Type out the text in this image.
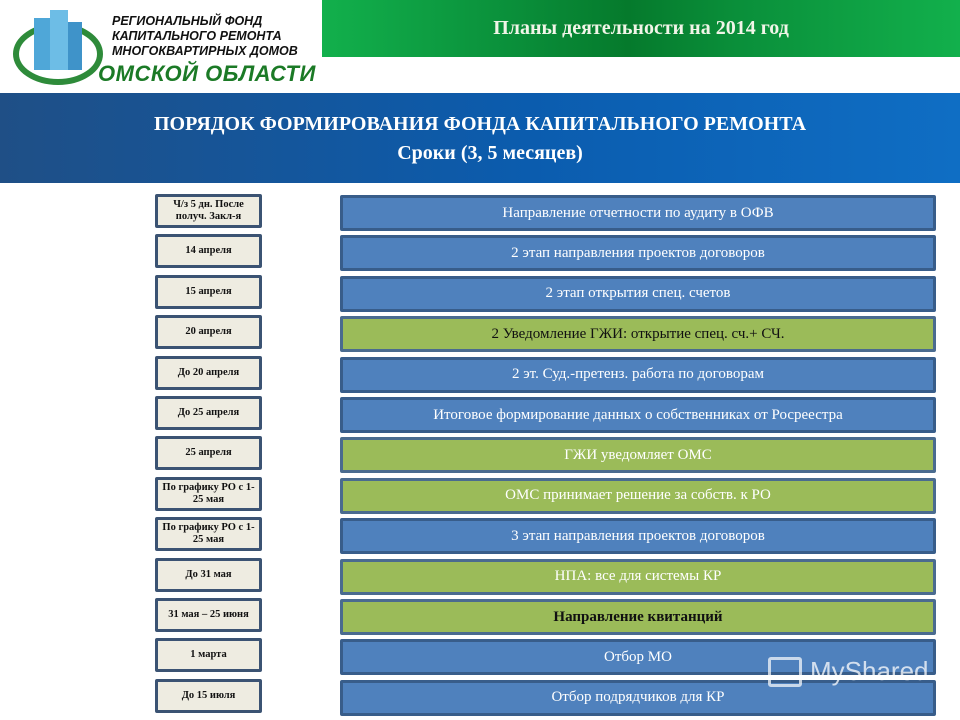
РЕГИОНАЛЬНЫЙ ФОНД
КАПИТАЛЬНОГО РЕМОНТА
МНОГОКВАРТИРНЫХ ДОМОВ
ОМСКОЙ ОБЛАСТИ
Планы деятельности на 2014 год
ПОРЯДОК ФОРМИРОВАНИЯ ФОНДА КАПИТАЛЬНОГО РЕМОНТА
Сроки (3, 5 месяцев)
Ч/з 5 дн. После получ. Закл-я	Направление отчетности по аудиту в ОФВ
14 апреля	2 этап направления проектов договоров
15 апреля	2 этап открытия спец. счетов
20 апреля	2 Уведомление ГЖИ: открытие спец. сч.+ СЧ.
До 20 апреля	2 эт. Суд.-претенз. работа по договорам
До 25 апреля	Итоговое формирование данных о собственниках от Росреестра
25 апреля	ГЖИ уведомляет ОМС
По графику РО с 1-25 мая	ОМС принимает решение за собств. к РО
По графику РО с 1-25 мая	3 этап направления проектов договоров
До 31 мая	НПА: все для системы КР
31 мая – 25 июня	Направление квитанций
1 марта	Отбор МО
До 15 июля	Отбор подрядчиков для КР
MyShared
